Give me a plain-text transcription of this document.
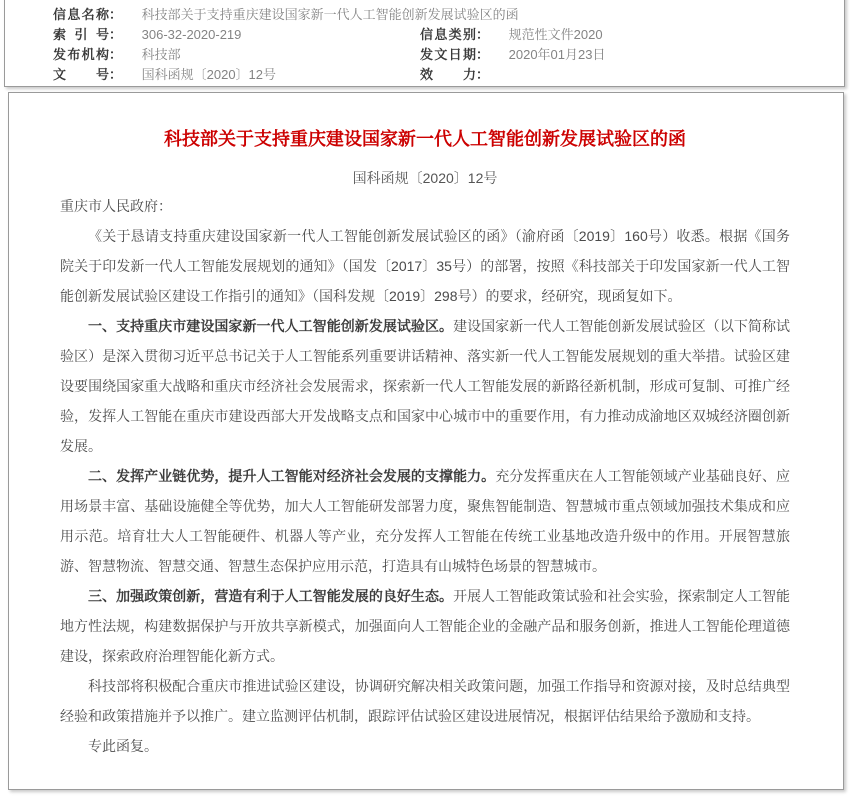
信息名称： 科技部关于支持重庆建设国家新一代人工智能创新发展试验区的函
索引号： 306-32-2020-219	信息类别： 规范性文件2020
发布机构： 科技部	发文日期： 2020年01月23日
文号： 国科函规〔2020〕12号	效力：
科技部关于支持重庆建设国家新一代人工智能创新发展试验区的函
国科函规〔2020〕12号

重庆市人民政府：

《关于恳请支持重庆建设国家新一代人工智能创新发展试验区的函》（渝府函〔2019〕160号）收悉。根据《国务院关于印发新一代人工智能发展规划的通知》（国发〔2017〕35号）的部署，按照《科技部关于印发国家新一代人工智能创新发展试验区建设工作指引的通知》（国科发规〔2019〕298号）的要求，经研究，现函复如下。

一、支持重庆市建设国家新一代人工智能创新发展试验区。建设国家新一代人工智能创新发展试验区（以下简称试验区）是深入贯彻习近平总书记关于人工智能系列重要讲话精神、落实新一代人工智能发展规划的重大举措。试验区建设要围绕国家重大战略和重庆市经济社会发展需求，探索新一代人工智能发展的新路径新机制，形成可复制、可推广经验，发挥人工智能在重庆市建设西部大开发战略支点和国家中心城市中的重要作用，有力推动成渝地区双城经济圈创新发展。

二、发挥产业链优势，提升人工智能对经济社会发展的支撑能力。充分发挥重庆在人工智能领域产业基础良好、应用场景丰富、基础设施健全等优势，加大人工智能研发部署力度，聚焦智能制造、智慧城市重点领域加强技术集成和应用示范。培育壮大人工智能硬件、机器人等产业，充分发挥人工智能在传统工业基地改造升级中的作用。开展智慧旅游、智慧物流、智慧交通、智慧生态保护应用示范，打造具有山城特色场景的智慧城市。

三、加强政策创新，营造有利于人工智能发展的良好生态。开展人工智能政策试验和社会实验，探索制定人工智能地方性法规，构建数据保护与开放共享新模式，加强面向人工智能企业的金融产品和服务创新，推进人工智能伦理道德建设，探索政府治理智能化新方式。

科技部将积极配合重庆市推进试验区建设，协调研究解决相关政策问题，加强工作指导和资源对接，及时总结典型经验和政策措施并予以推广。建立监测评估机制，跟踪评估试验区建设进展情况，根据评估结果给予激励和支持。

专此函复。
